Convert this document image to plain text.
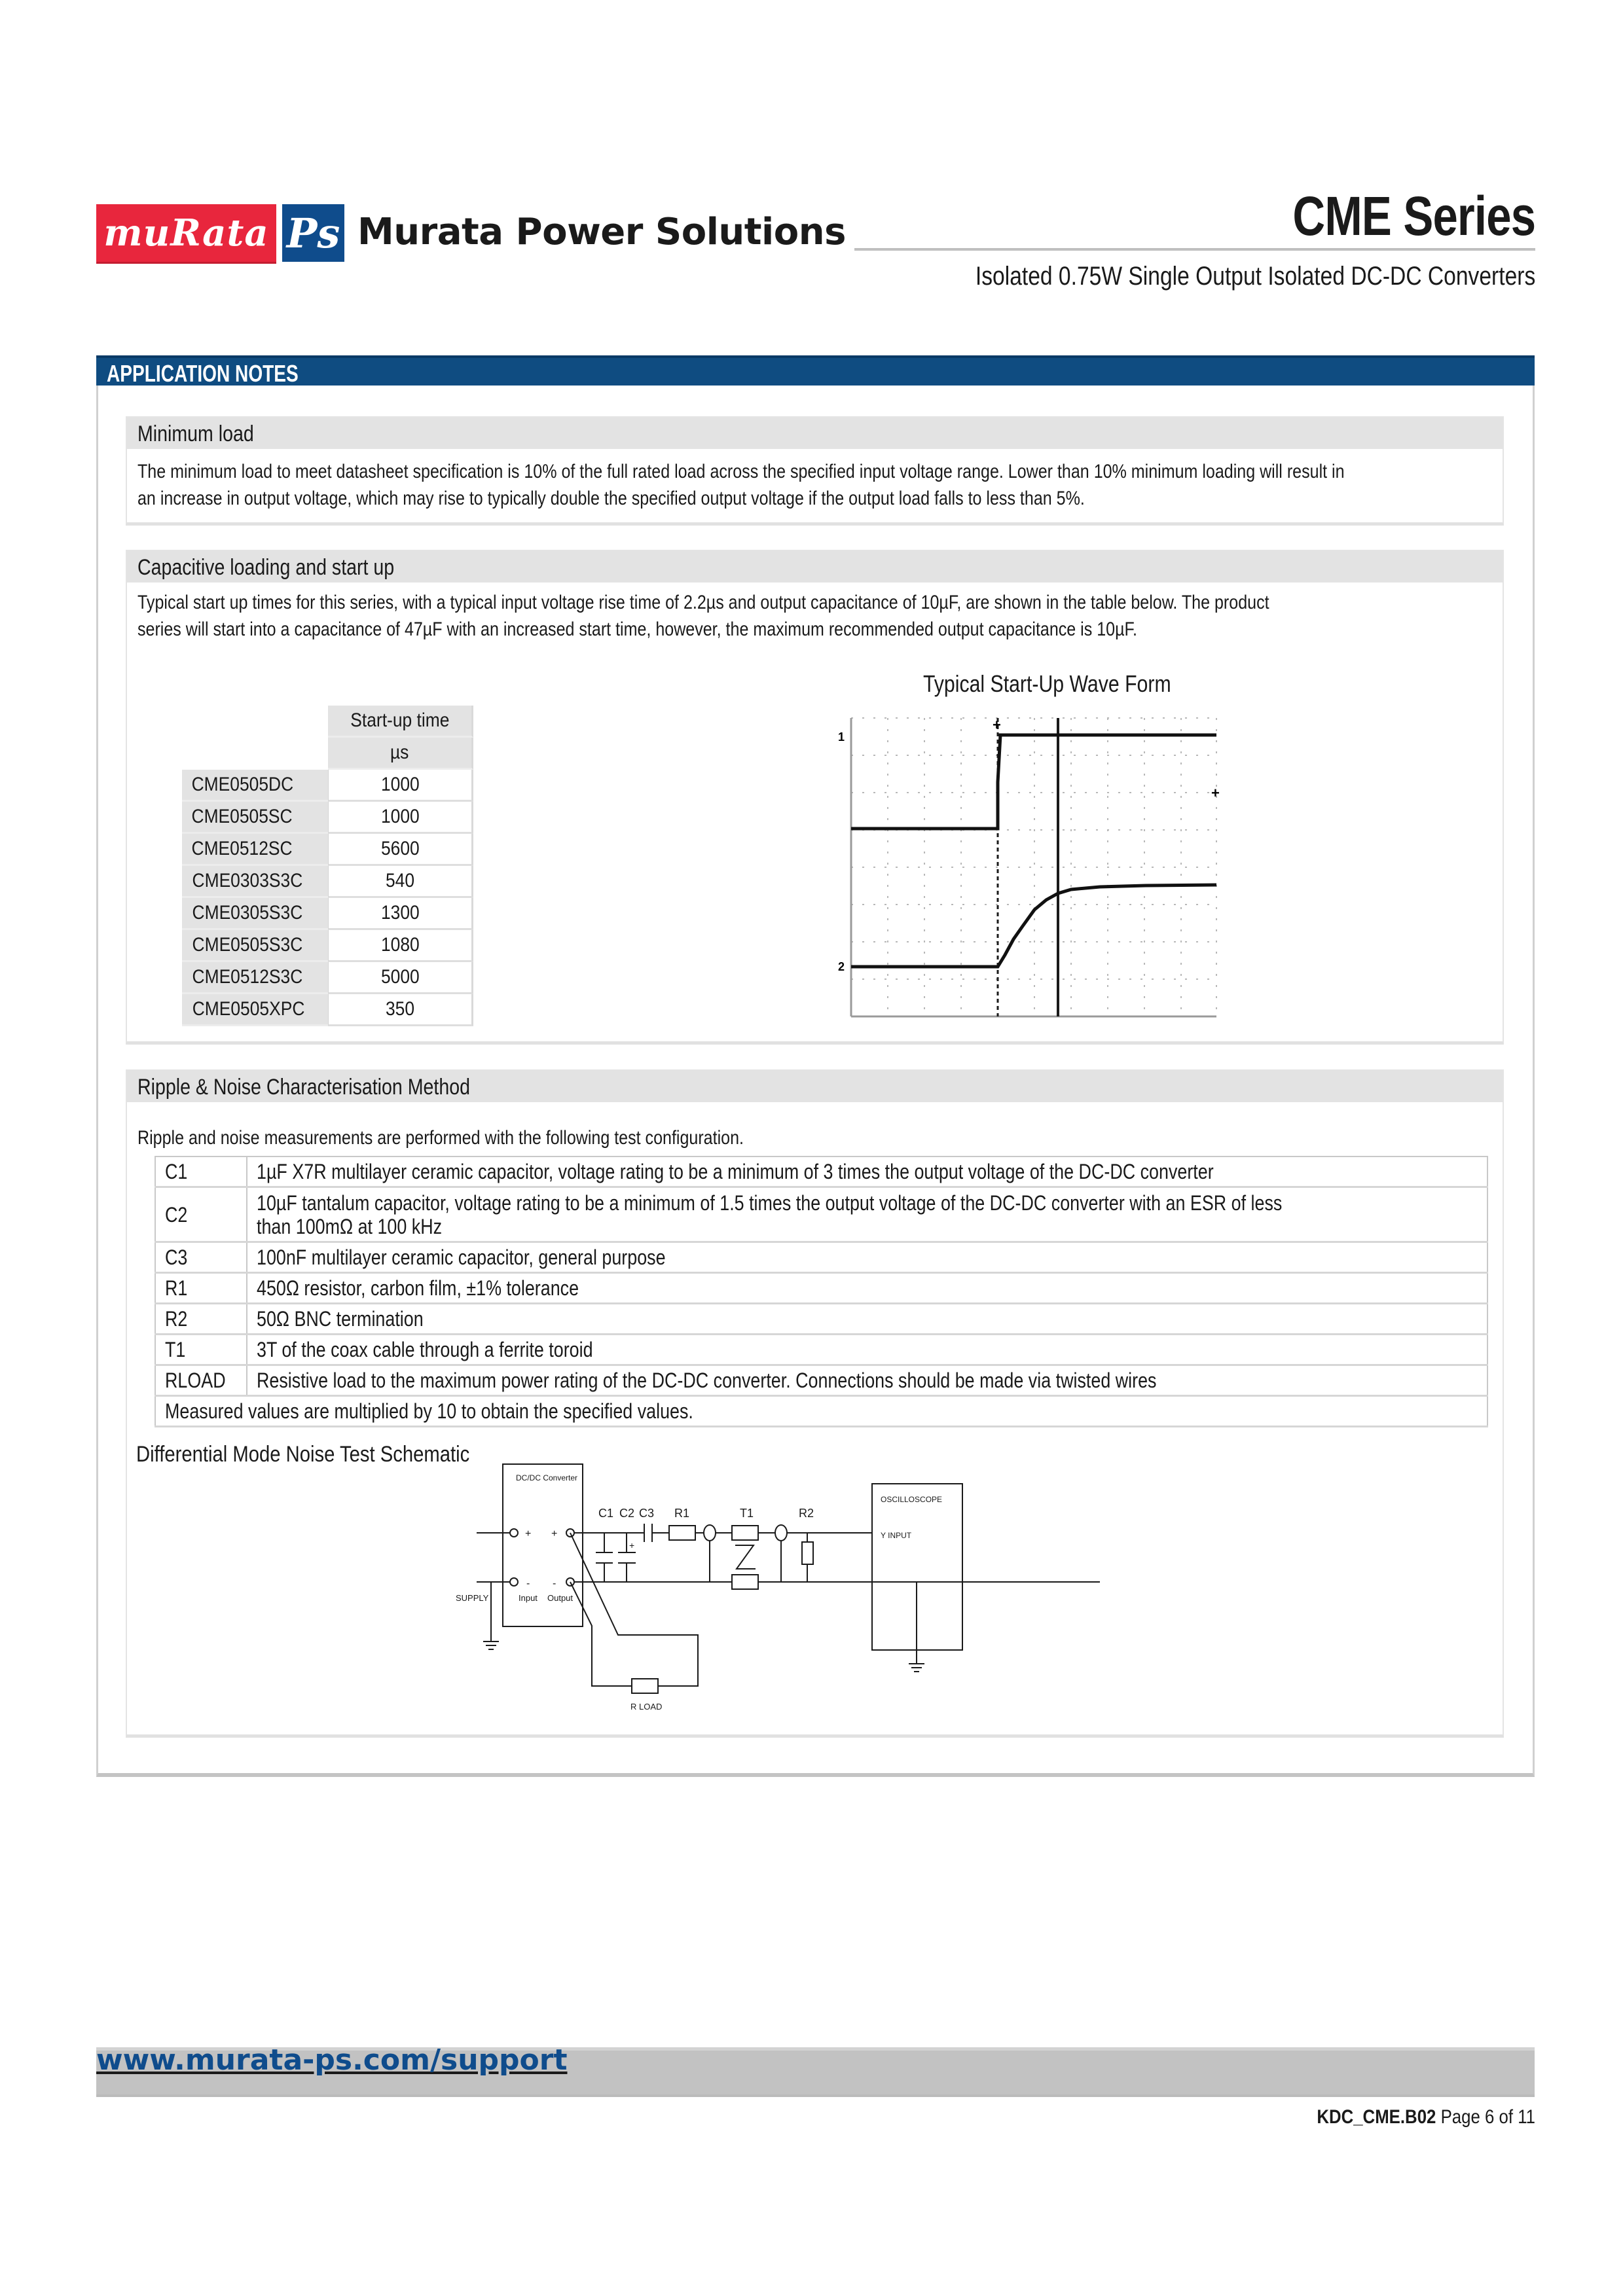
muRata Ps Murata Power Solutions	CME Series
Isolated 0.75W Single Output Isolated DC-DC Converters
APPLICATION NOTES
Minimum load
The minimum load to meet datasheet specification is 10% of the full rated load across the specified input voltage range. Lower than 10% minimum loading will result in
an increase in output voltage, which may rise to typically double the specified output voltage if the output load falls to less than 5%.
Capacitive loading and start up
Typical start up times for this series, with a typical input voltage rise time of 2.2µs and output capacitance of 10µF, are shown in the table below. The product
series will start into a capacitance of 47µF with an increased start time, however, the maximum recommended output capacitance is 10µF.
	Start-up time
	µs
CME0505DC	1000
CME0505SC	1000
CME0512SC	5600
CME0303S3C	540
CME0305S3C	1300
CME0505S3C	1080
CME0512S3C	5000
CME0505XPC	350
Typical Start-Up Wave Form
+
+
1
2
Ripple & Noise Characterisation Method
Ripple and noise measurements are performed with the following test configuration.
C1	1µF X7R multilayer ceramic capacitor, voltage rating to be a minimum of 3 times the output voltage of the DC-DC converter
C2	10µF tantalum capacitor, voltage rating to be a minimum of 1.5 times the output voltage of the DC-DC converter with an ESR of less
than 100mΩ at 100 kHz
C3	100nF multilayer ceramic capacitor, general purpose
R1	450Ω resistor, carbon film, ±1% tolerance
R2	50Ω BNC termination
T1	3T of the coax cable through a ferrite toroid
RLOAD	Resistive load to the maximum power rating of the DC-DC converter. Connections should be made via twisted wires
Measured values are multiplied by 10 to obtain the specified values.	
Differential Mode Noise Test Schematic
DC/DC Converter
SUPPLY
+ +
- -
Input Output
+
C1 C2 C3 R1	T1	R2
OSCILLOSCOPE
Y INPUT
R LOAD
www.murata-ps.com/support
KDC_CME.B02 Page 6 of 11
